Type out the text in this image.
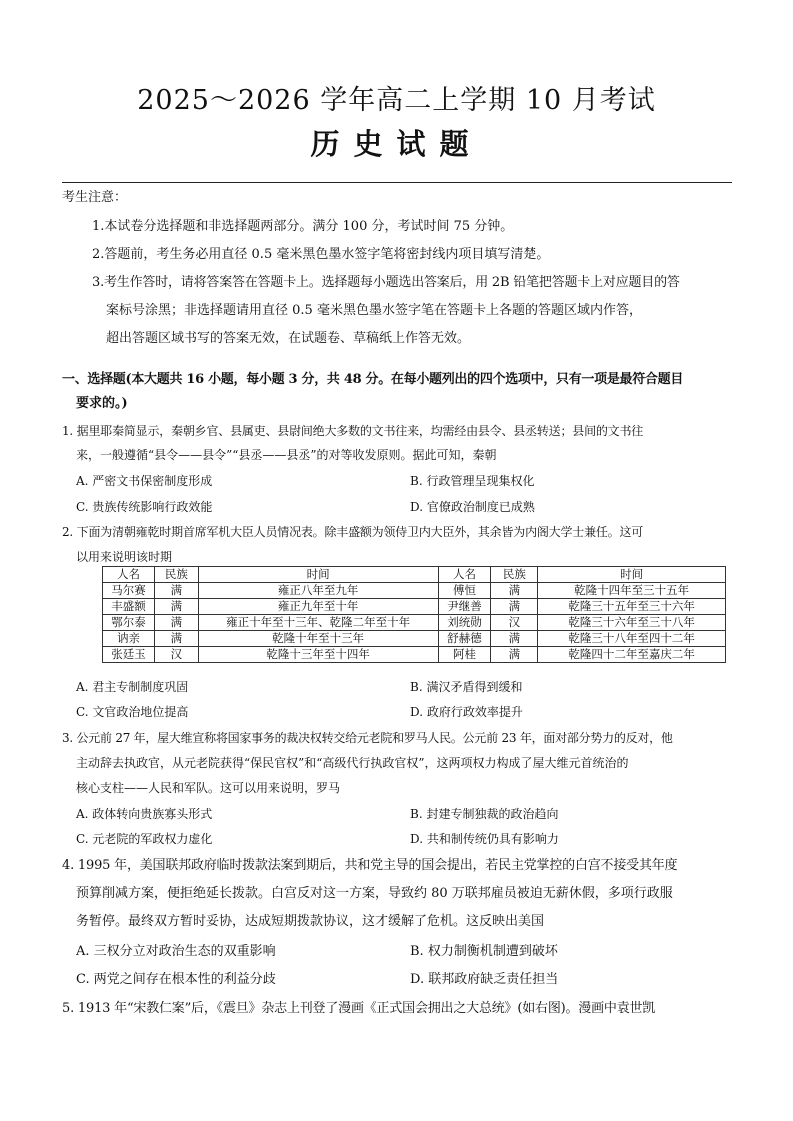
2025～2026 学年高二上学期 10 月考试
历史试题
考生注意：
1.本试卷分选择题和非选择题两部分。满分 100 分，考试时间 75 分钟。
2.答题前，考生务必用直径 0.5 毫米黑色墨水签字笔将密封线内项目填写清楚。
3.考生作答时，请将答案答在答题卡上。选择题每小题选出答案后，用 2B 铅笔把答题卡上对应题目的答
案标号涂黑；非选择题请用直径 0.5 毫米黑色墨水签字笔在答题卡上各题的答题区域内作答，
超出答题区域书写的答案无效，在试题卷、草稿纸上作答无效。
一、选择题(本大题共 16 小题，每小题 3 分，共 48 分。在每小题列出的四个选项中，只有一项是最符合题目
要求的。)
1. 据里耶秦简显示，秦朝乡官、县属吏、县尉间绝大多数的文书往来，均需经由县令、县丞转送；县间的文书往
来，一般遵循“县令——县令”“县丞——县丞”的对等收发原则。据此可知，秦朝
A. 严密文书保密制度形成	B. 行政管理呈现集权化
C. 贵族传统影响行政效能	D. 官僚政治制度已成熟
2. 下面为清朝雍乾时期首席军机大臣人员情况表。除丰盛额为领侍卫内大臣外，其余皆为内阁大学士兼任。这可
以用来说明该时期
人名	民族	时间	人名	民族	时间
马尔赛	满	雍正八年至九年	傅恒	满	乾隆十四年至三十五年
丰盛额	满	雍正九年至十年	尹继善	满	乾隆三十五年至三十六年
鄂尔泰	满	雍正十年至十三年、乾隆二年至十年	刘统勋	汉	乾隆三十六年至三十八年
讷亲	满	乾隆十年至十三年	舒赫德	满	乾隆三十八年至四十二年
张廷玉	汉	乾隆十三年至十四年	阿桂	满	乾隆四十二年至嘉庆二年
A. 君主专制制度巩固	B. 满汉矛盾得到缓和
C. 文官政治地位提高	D. 政府行政效率提升
3. 公元前 27 年，屋大维宣称将国家事务的裁决权转交给元老院和罗马人民。公元前 23 年，面对部分势力的反对，他
主动辞去执政官，从元老院获得“保民官权”和“高级代行执政官权”，这两项权力构成了屋大维元首统治的
核心支柱——人民和军队。这可以用来说明，罗马
A. 政体转向贵族寡头形式	B. 封建专制独裁的政治趋向
C. 元老院的军政权力虚化	D. 共和制传统仍具有影响力
4. 1995 年，美国联邦政府临时拨款法案到期后，共和党主导的国会提出，若民主党掌控的白宫不接受其年度
预算削减方案，便拒绝延长拨款。白宫反对这一方案，导致约 80 万联邦雇员被迫无薪休假，多项行政服
务暂停。最终双方暂时妥协，达成短期拨款协议，这才缓解了危机。这反映出美国
A. 三权分立对政治生态的双重影响	B. 权力制衡机制遭到破坏
C. 两党之间存在根本性的利益分歧	D. 联邦政府缺乏责任担当
5. 1913 年“宋教仁案”后，《震旦》杂志上刊登了漫画《正式国会拥出之大总统》(如右图)。漫画中袁世凯
